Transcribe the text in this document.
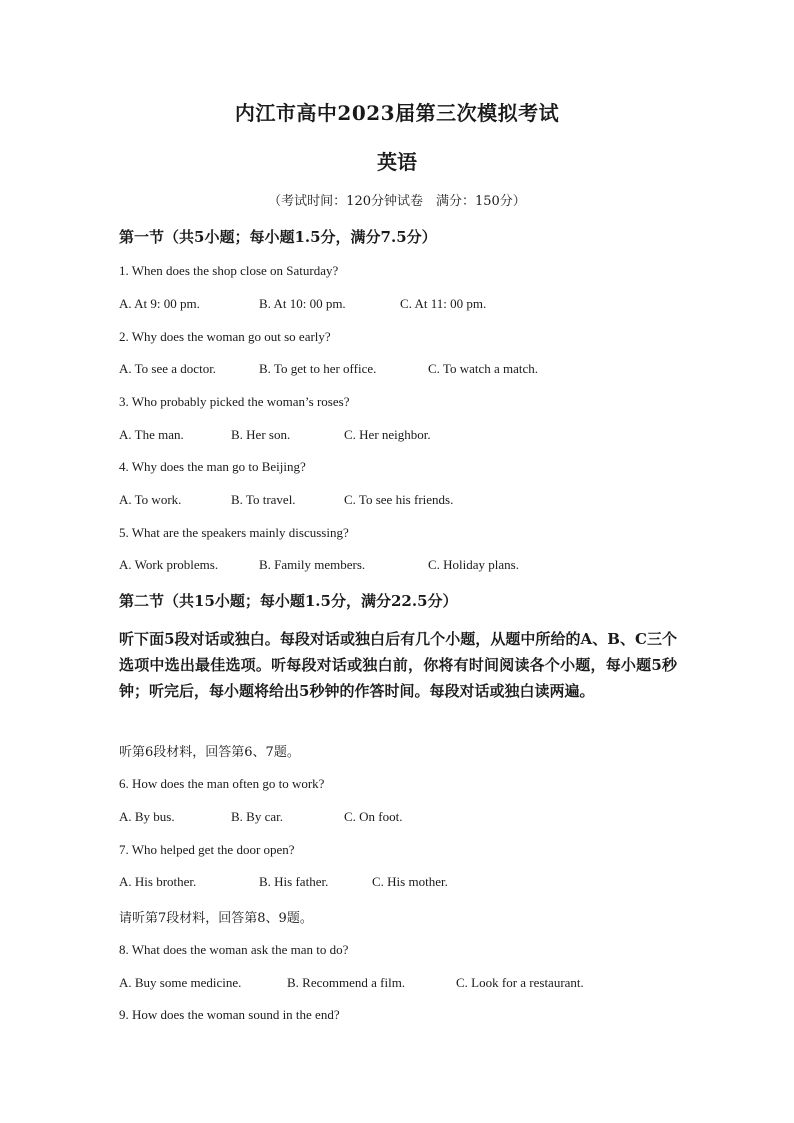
内江市高中2023届第三次模拟考试
英语
（考试时间：120分钟试卷　满分：150分）
第一节（共5小题；每小题1.5分，满分7.5分）
1. When does the shop close on Saturday?
A. At 9: 00 pm.	B. At 10: 00 pm.	C. At 11: 00 pm.
2. Why does the woman go out so early?
A. To see a doctor.	B. To get to her office.	C. To watch a match.
3. Who probably picked the woman’s roses?
A. The man.	B. Her son.	C. Her neighbor.
4. Why does the man go to Beijing?
A. To work.	B. To travel.	C. To see his friends.
5. What are the speakers mainly discussing?
A. Work problems.	B. Family members.	C. Holiday plans.
第二节（共15小题；每小题1.5分，满分22.5分）
听下面5段对话或独白。每段对话或独白后有几个小题，从题中所给的A、B、C三个选项中选出最佳选项。听每段对话或独白前，你将有时间阅读各个小题，每小题5秒钟；听完后，每小题将给出5秒钟的作答时间。每段对话或独白读两遍。
听第6段材料，回答第6、7题。
6. How does the man often go to work?
A. By bus.	B. By car.	C. On foot.
7. Who helped get the door open?
A. His brother.	B. His father.	C. His mother.
请听第7段材料，回答第8、9题。
8. What does the woman ask the man to do?
A. Buy some medicine.	B. Recommend a film.	C. Look for a restaurant.
9. How does the woman sound in the end?
